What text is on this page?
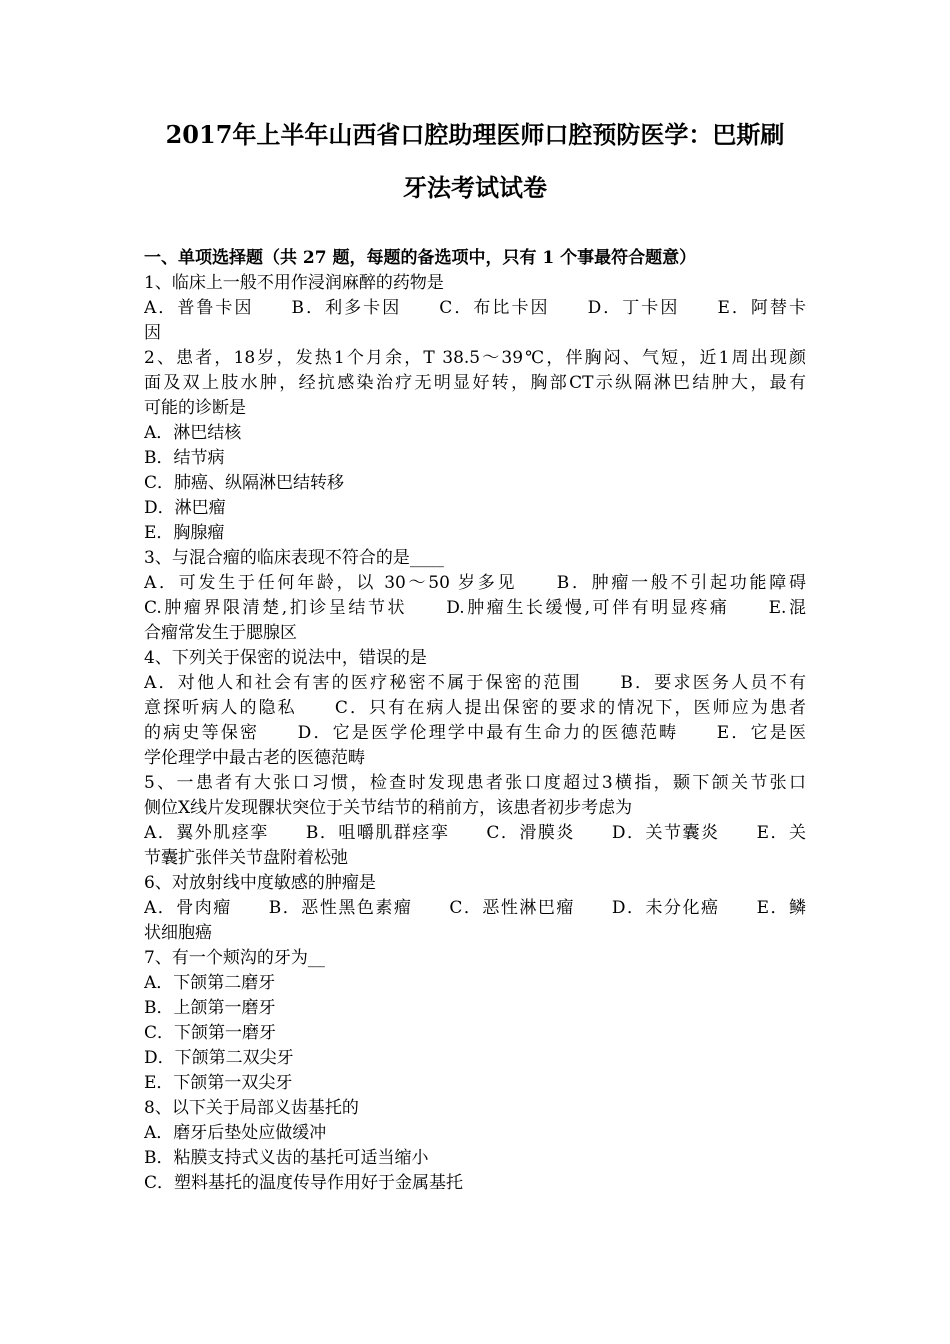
2017年上半年山西省口腔助理医师口腔预防医学：巴斯刷
牙法考试试卷
一、单项选择题（共 27 题，每题的备选项中，只有 1 个事最符合题意）
1、临床上一般不用作浸润麻醉的药物是
A．普鲁卡因　　B．利多卡因　　C．布比卡因　　D．丁卡因　　E．阿替卡
因
2、患者，18岁，发热1个月余，T 38.5～39℃，伴胸闷、气短，近1周出现颜
面及双上肢水肿，经抗感染治疗无明显好转，胸部CT示纵隔淋巴结肿大，最有
可能的诊断是
A．淋巴结核
B．结节病
C．肺癌、纵隔淋巴结转移
D．淋巴瘤
E．胸腺瘤
3、与混合瘤的临床表现不符合的是____
A．可发生于任何年龄，以 30～50 岁多见　　B．肿瘤一般不引起功能障碍
C.肿瘤界限清楚,扪诊呈结节状　　D.肿瘤生长缓慢,可伴有明显疼痛　　E.混
合瘤常发生于腮腺区
4、下列关于保密的说法中，错误的是
A．对他人和社会有害的医疗秘密不属于保密的范围　　B．要求医务人员不有
意探听病人的隐私　　C．只有在病人提出保密的要求的情况下，医师应为患者
的病史等保密　　D．它是医学伦理学中最有生命力的医德范畴　　E．它是医
学伦理学中最古老的医德范畴
5、一患者有大张口习惯，检查时发现患者张口度超过3横指，颞下颌关节张口
侧位X线片发现髁状突位于关节结节的稍前方，该患者初步考虑为
A．翼外肌痉挛　　B．咀嚼肌群痉挛　　C．滑膜炎　　D．关节囊炎　　E．关
节囊扩张伴关节盘附着松弛
6、对放射线中度敏感的肿瘤是
A．骨肉瘤　　B．恶性黑色素瘤　　C．恶性淋巴瘤　　D．未分化癌　　E．鳞
状细胞癌
7、有一个颊沟的牙为__
A．下颌第二磨牙
B．上颌第一磨牙
C．下颌第一磨牙
D．下颌第二双尖牙
E．下颌第一双尖牙
8、以下关于局部义齿基托的
A．磨牙后垫处应做缓冲
B．粘膜支持式义齿的基托可适当缩小
C．塑料基托的温度传导作用好于金属基托
